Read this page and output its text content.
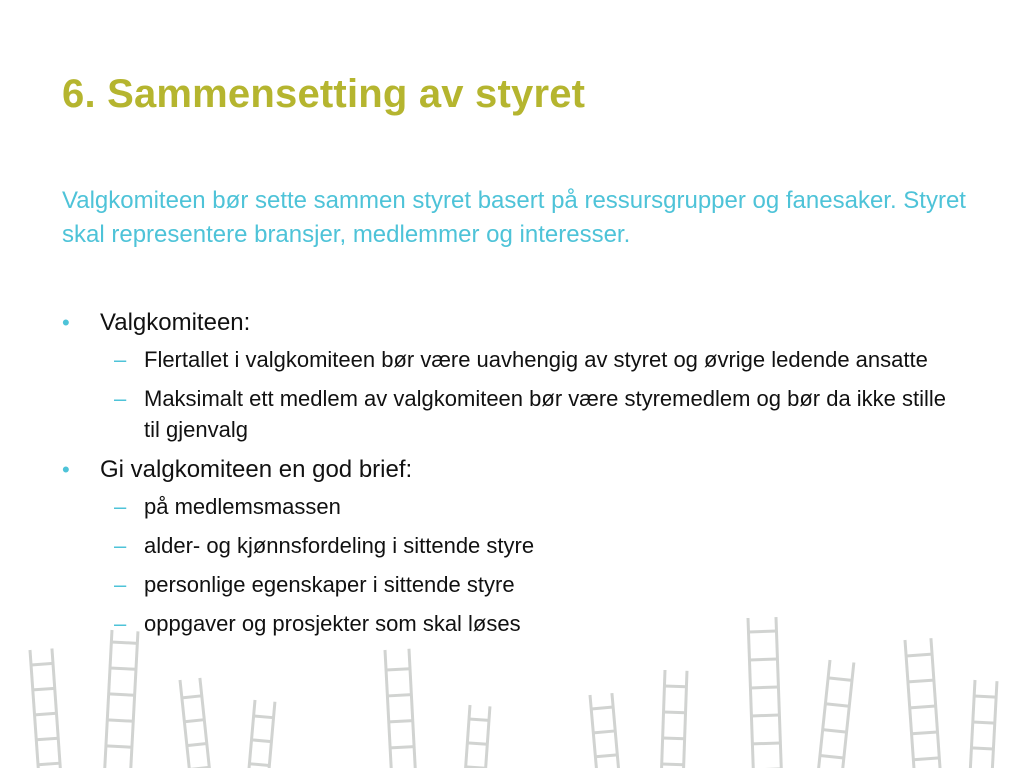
6. Sammensetting av styret

Valgkomiteen bør sette sammen styret basert på ressursgrupper og fanesaker. Styret skal representere bransjer, medlemmer og interesser.

• Valgkomiteen:
– Flertallet i valgkomiteen bør være uavhengig av styret og øvrige ledende ansatte
– Maksimalt ett medlem av valgkomiteen bør være styremedlem og bør da ikke stille til gjenvalg
• Gi valgkomiteen en god brief:
– på medlemsmassen
– alder- og kjønnsfordeling i sittende styre
– personlige egenskaper i sittende styre
– oppgaver og prosjekter som skal løses
